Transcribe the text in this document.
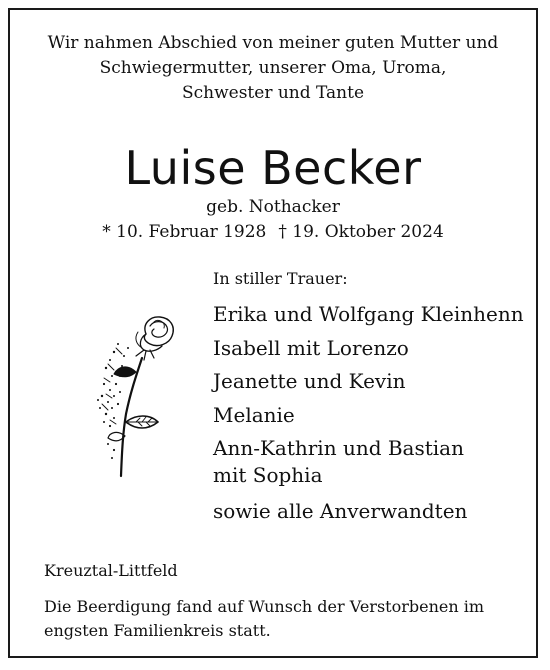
Wir nahmen Abschied von meiner guten Mutter und
Schwiegermutter, unserer Oma, Uroma,
Schwester und Tante
Luise Becker
geb. Nothacker
* 10. Februar 1928 † 19. Oktober 2024
In stiller Trauer:
Erika und Wolfgang Kleinhenn
Isabell mit Lorenzo
Jeanette und Kevin
Melanie
Ann-Kathrin und Bastian
mit Sophia
sowie alle Anverwandten
Kreuztal-Littfeld
Die Beerdigung fand auf Wunsch der Verstorbenen im
engsten Familienkreis statt.
